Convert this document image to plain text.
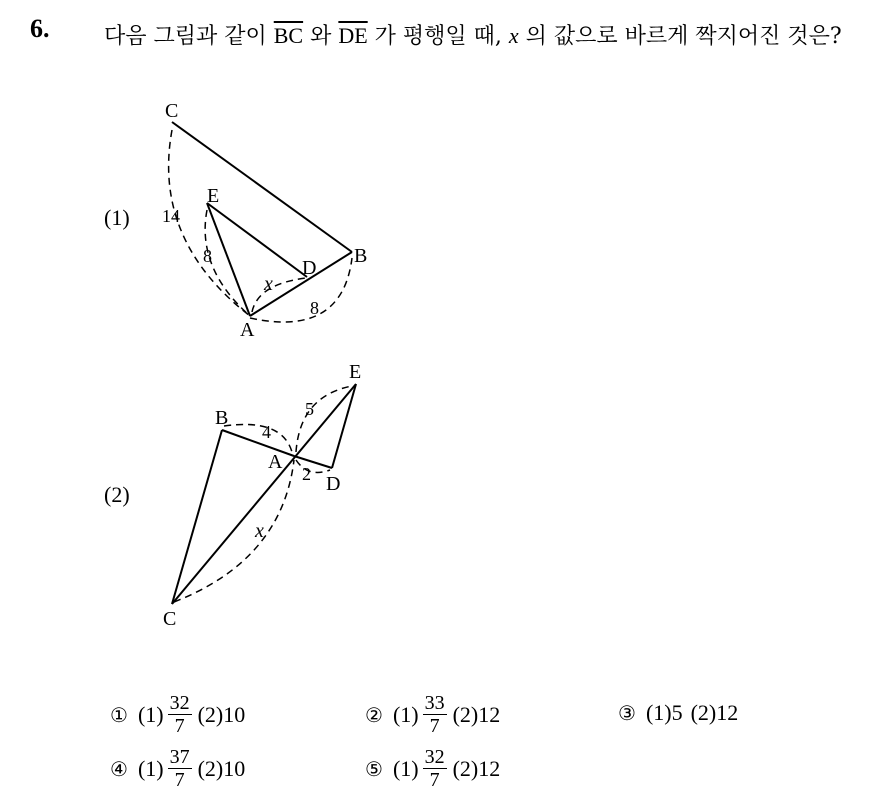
6. 다음 그림과 같이 $\overline{BC}$ 와 $\overline{DE}$ 가 평행일 때, x 의 값으로 바르게 짝지어진 것은?
(1)
(2)
C
E
D
B
A
14
8
x
8
E
B
A
D
C
5
4
2
x
① $(1) \frac{32}{7} (2)10$	② $(1) \frac{33}{7} (2)12$	③ (1)5 (2)12
④ $(1) \frac{37}{7} (2)10$	⑤ $(1) \frac{32}{7} (2)12$
